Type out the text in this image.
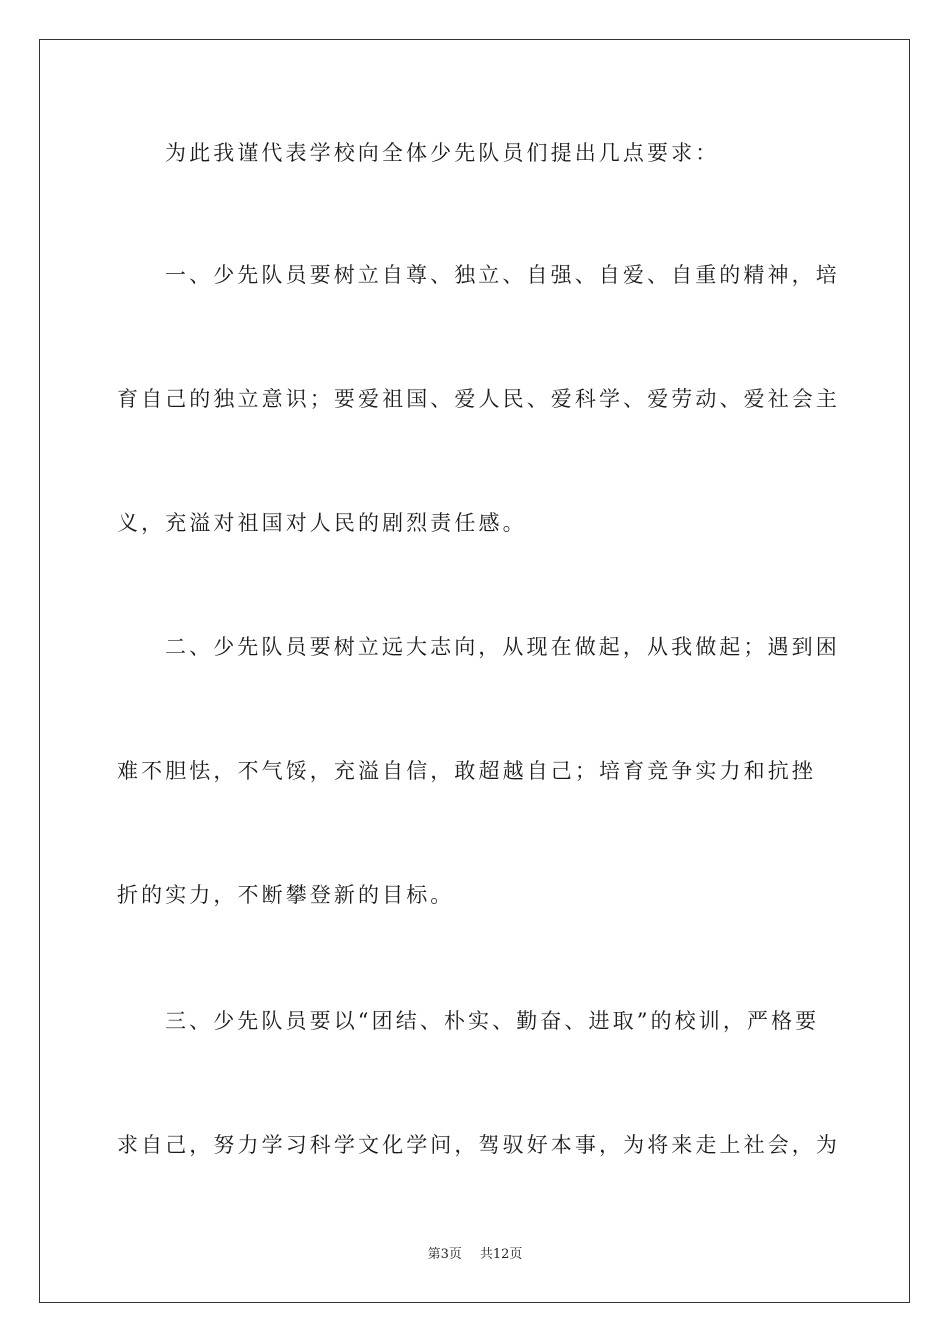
为此我谨代表学校向全体少先队员们提出几点要求：
一、少先队员要树立自尊、独立、自强、自爱、自重的精神，培
育自己的独立意识；要爱祖国、爱人民、爱科学、爱劳动、爱社会主
义，充溢对祖国对人民的剧烈责任感。
二、少先队员要树立远大志向，从现在做起，从我做起；遇到困
难不胆怯，不气馁，充溢自信，敢超越自己；培育竞争实力和抗挫
折的实力，不断攀登新的目标。
三、少先队员要以“团结、朴实、勤奋、进取”的校训，严格要
求自己，努力学习科学文化学问，驾驭好本事，为将来走上社会，为
第3页 共12页
